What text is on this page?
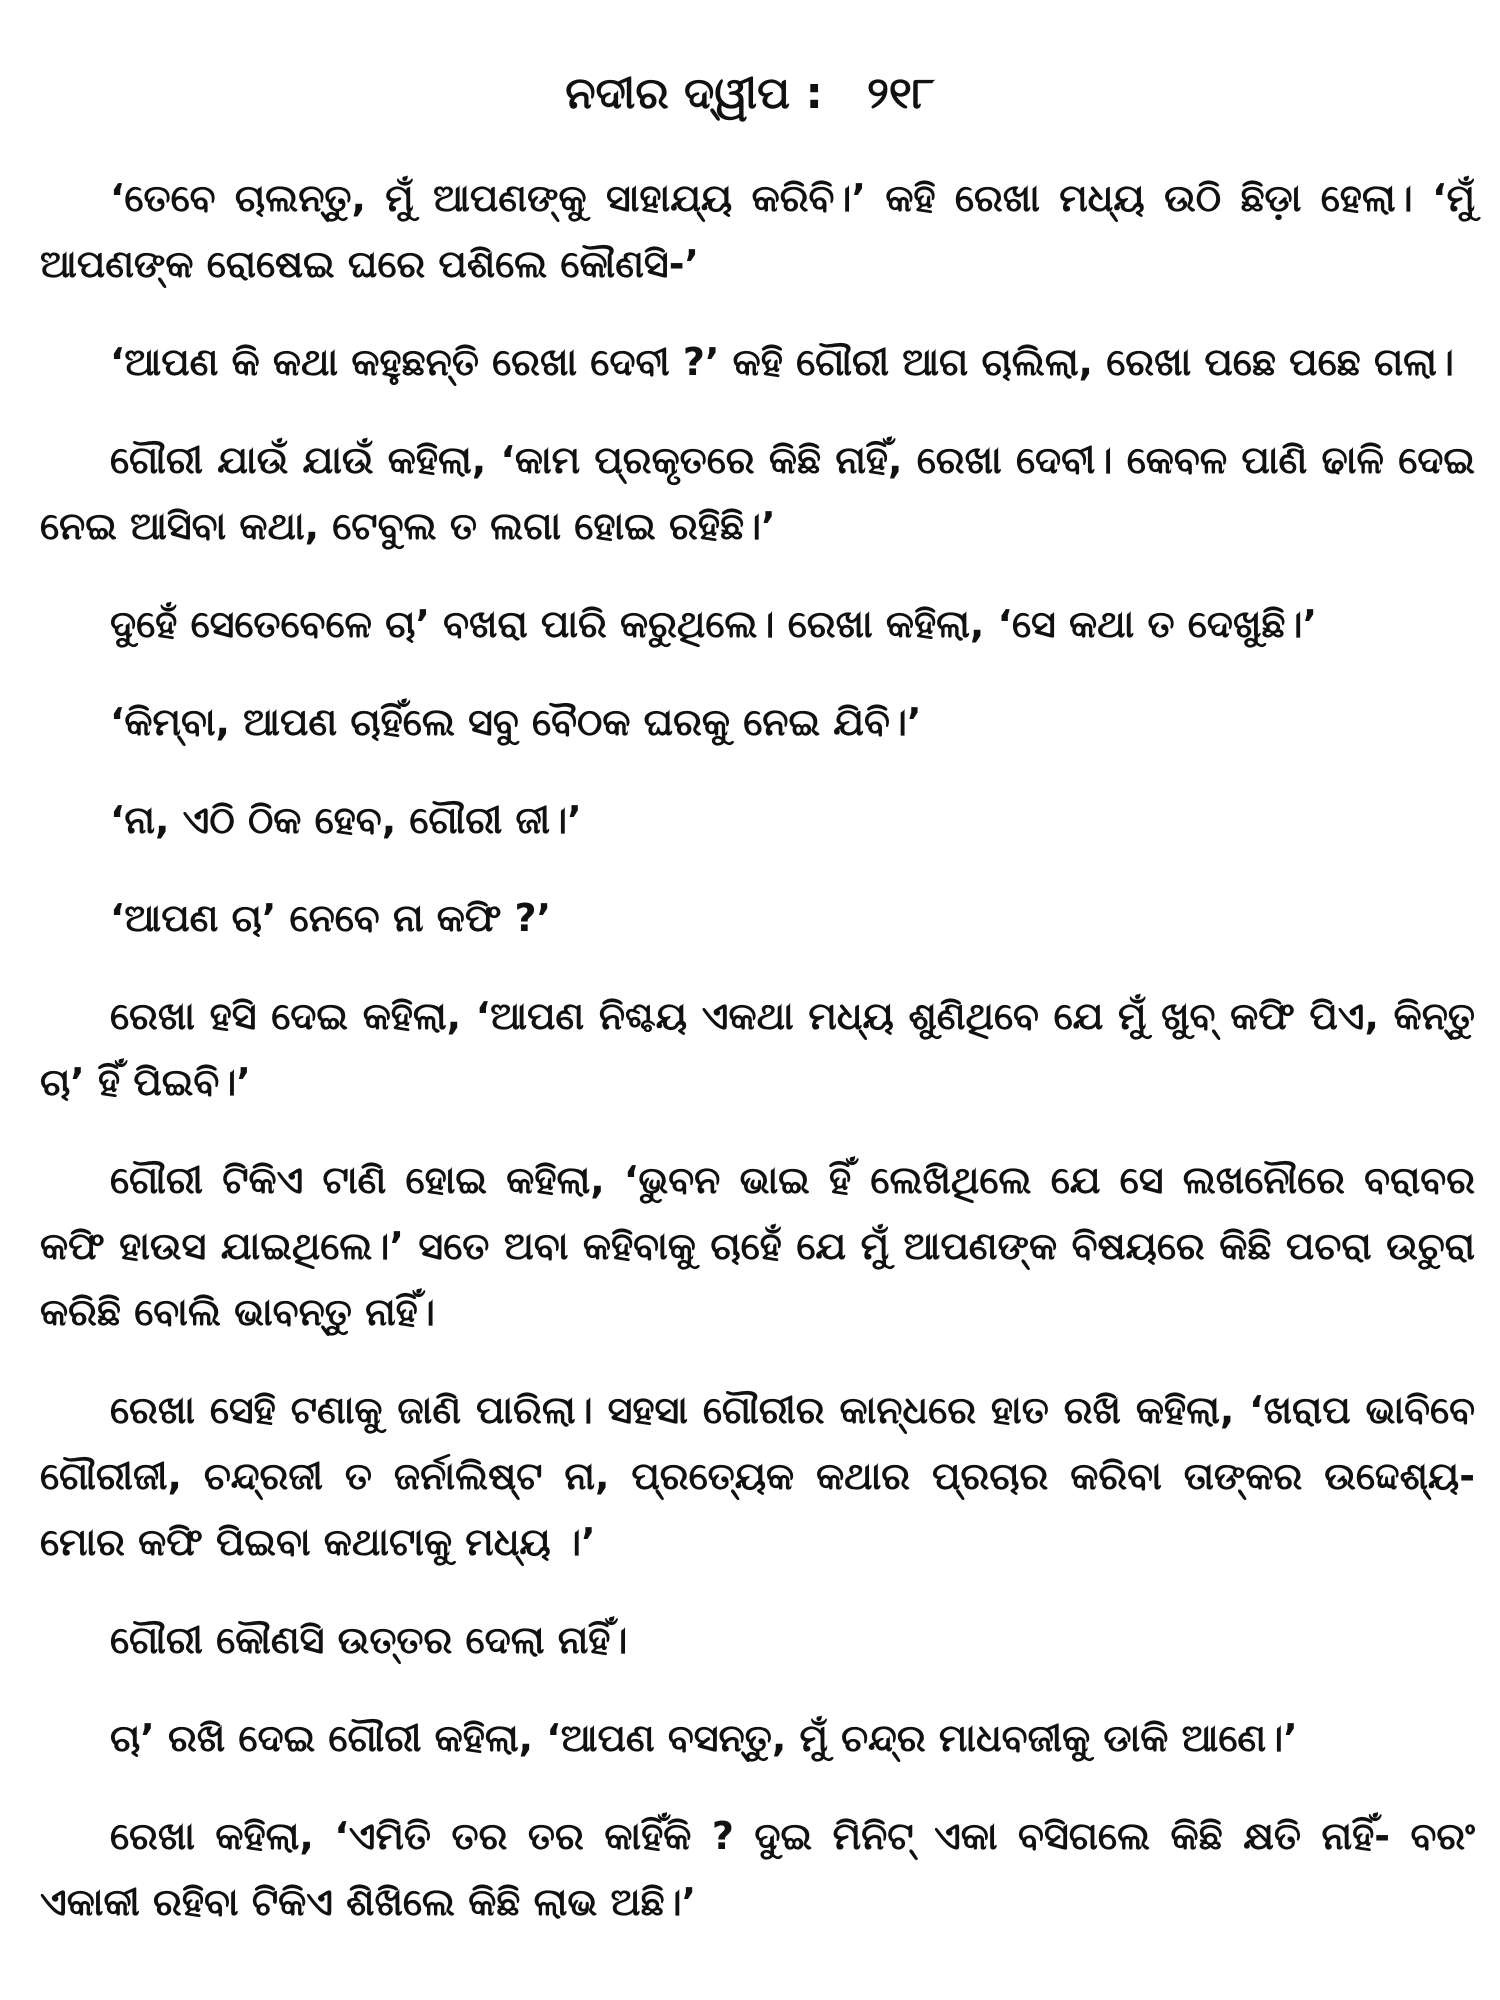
ନଦୀର ଦ୍ୱୀପ : ୨୧୮

‘ତେବେ ଚାଲନ୍ତୁ, ମୁଁ ଆପଣଙ୍କୁ ସାହାଯ୍ୟ କରିବି।’ କହି ରେଖା ମଧ୍ୟ ଉଠି ଛିଡ଼ା ହେଲା। ‘ମୁଁ ଆପଣଙ୍କ ରୋଷେଇ ଘରେ ପଶିଲେ କୌଣସି-’

‘ଆପଣ କି କଥା କହୁଛନ୍ତି ରେଖା ଦେବୀ ?’ କହି ଗୌରୀ ଆଗ ଚାଲିଲା, ରେଖା ପଛେ ପଛେ ଗଲା।

ଗୌରୀ ଯାଉଁ ଯାଉଁ କହିଲା, ‘କାମ ପ୍ରକୃତରେ କିଛି ନାହିଁ, ରେଖା ଦେବୀ। କେବଳ ପାଣି ଢାଳି ଦେଇ ନେଇ ଆସିବା କଥା, ଟେବୁଲ ତ ଲଗା ହୋଇ ରହିଛି।’

ଦୁହେଁ ସେତେବେଳେ ଚା’ ବଖରା ପାରି କରୁଥିଲେ। ରେଖା କହିଲା, ‘ସେ କଥା ତ ଦେଖୁଛି।’

‘କିମ୍ବା, ଆପଣ ଚାହିଁଲେ ସବୁ ବୈଠକ ଘରକୁ ନେଇ ଯିବି।’

‘ନା, ଏଠି ଠିକ ହେବ, ଗୌରୀ ଜୀ।’

‘ଆପଣ ଚା’ ନେବେ ନା କଫି ?’

ରେଖା ହସି ଦେଇ କହିଲା, ‘ଆପଣ ନିଶ୍ଚୟ ଏକଥା ମଧ୍ୟ ଶୁଣିଥିବେ ଯେ ମୁଁ ଖୁବ୍ କଫି ପିଏ, କିନ୍ତୁ ଚା’ ହିଁ ପିଇବି।’

ଗୌରୀ ଟିକିଏ ଟାଣି ହୋଇ କହିଲା, ‘ଭୁବନ ଭାଇ ହିଁ ଲେଖିଥିଲେ ଯେ ସେ ଲଖନୌରେ ବରାବର କଫି ହାଉସ ଯାଇଥିଲେ।’ ସତେ ଅବା କହିବାକୁ ଚାହେଁ ଯେ ମୁଁ ଆପଣଙ୍କ ବିଷୟରେ କିଛି ପଚରା ଉଚୁରା କରିଛି ବୋଲି ଭାବନ୍ତୁ ନାହିଁ।

ରେଖା ସେହି ଟଣାକୁ ଜାଣି ପାରିଲା। ସହସା ଗୌରୀର କାନ୍ଧରେ ହାତ ରଖି କହିଲା, ‘ଖରାପ ଭାବିବେ ଗୌରୀଜୀ, ଚନ୍ଦ୍ରଜୀ ତ ଜର୍ନାଲିଷ୍ଟ ନା, ପ୍ରତ୍ୟେକ କଥାର ପ୍ରଚାର କରିବା ତାଙ୍କର ଉଦ୍ଦେଶ୍ୟ- ମୋର କଫି ପିଇବା କଥାଟାକୁ ମଧ୍ୟ ।’

ଗୌରୀ କୌଣସି ଉତ୍ତର ଦେଲା ନାହିଁ।

ଚା’ ରଖି ଦେଇ ଗୌରୀ କହିଲା, ‘ଆପଣ ବସନ୍ତୁ, ମୁଁ ଚନ୍ଦ୍ର ମାଧବଜୀକୁ ଡାକି ଆଣେ।’

ରେଖା କହିଲା, ‘ଏମିତି ତର ତର କାହିଁକି ? ଦୁଇ ମିନିଟ୍ ଏକା ବସିଗଲେ କିଛି କ୍ଷତି ନାହିଁ- ବରଂ ଏକାକୀ ରହିବା ଟିକିଏ ଶିଖିଲେ କିଛି ଲାଭ ଅଛି।’
